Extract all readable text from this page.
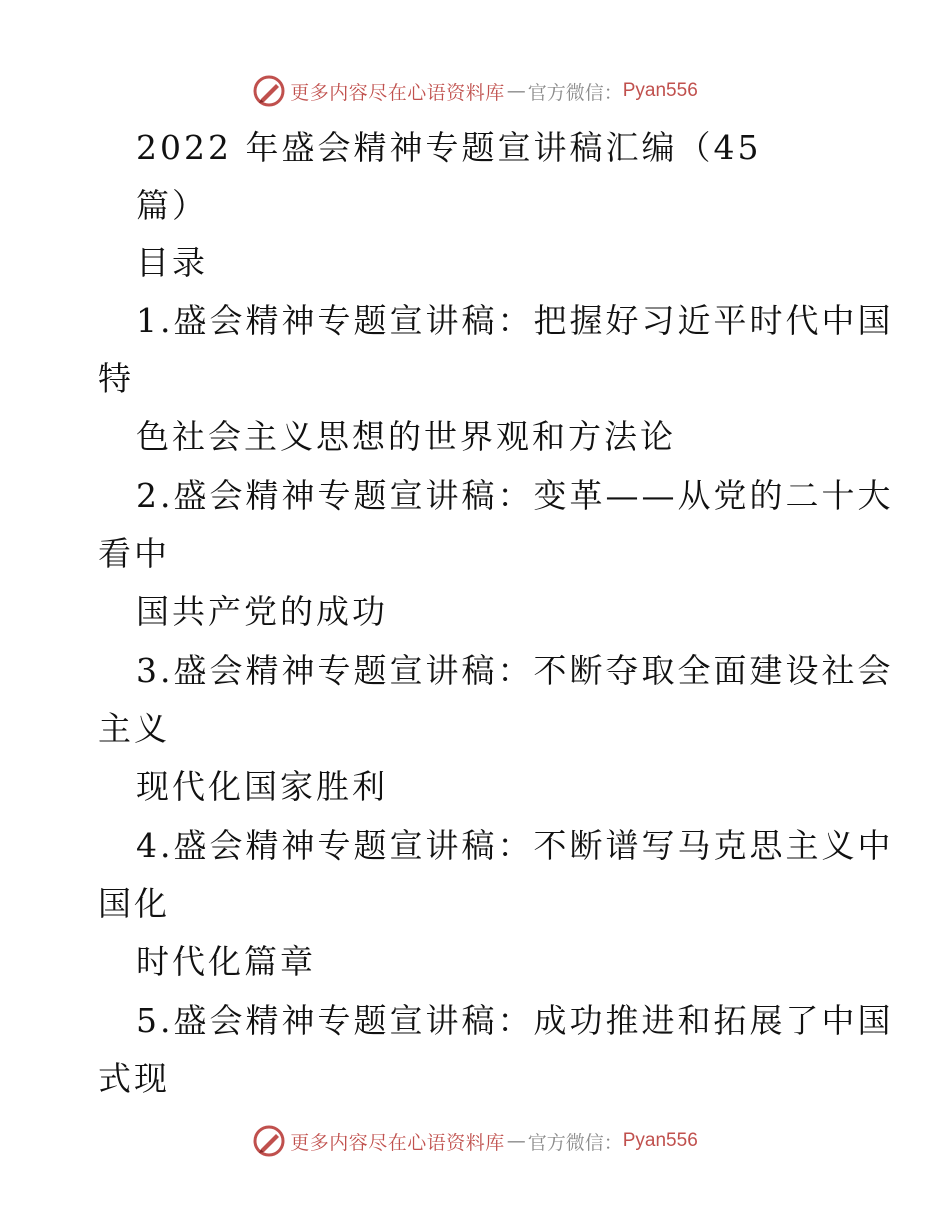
更多内容尽在心语资料库 — 官方微信： Pyan556
2022 年盛会精神专题宣讲稿汇编（45
篇）
目录
1.盛会精神专题宣讲稿：把握好习近平时代中国
特
色社会主义思想的世界观和方法论
2.盛会精神专题宣讲稿：变革——从党的二十大
看中
国共产党的成功
3.盛会精神专题宣讲稿：不断夺取全面建设社会
主义
现代化国家胜利
4.盛会精神专题宣讲稿：不断谱写马克思主义中
国化
时代化篇章
5.盛会精神专题宣讲稿：成功推进和拓展了中国
式现
更多内容尽在心语资料库 — 官方微信： Pyan556
